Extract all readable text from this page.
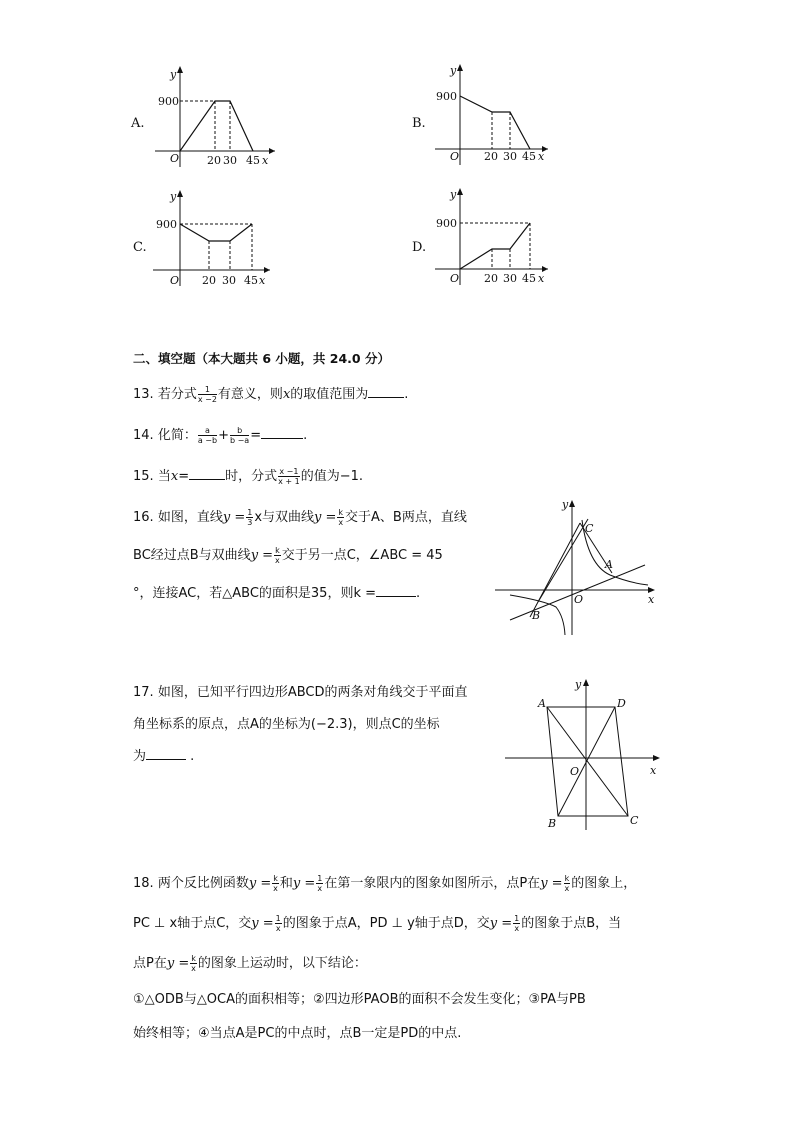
A.
y
x
O
900
20 30 45
B.
y
x
O
900
20 30 45
C.
y
x
O
900
20 30 45
D.
y
x
O
900
20 30 45
二、填空题（本大题共 6 小题，共 24.0 分）
13. 若分式 $\frac{1}{x -2}$ 有意义，则x的取值范围为	.
14. 化简： $\frac{a}{a -b} + \frac{b}{b -a}$ =	.
15. 当x=	时，分式 $\frac{x -1}{x + 1}$ 的值为−1.
16. 如图，直线$y = \frac{1}{3}$ x与双曲线$y = \frac{k}{x}$ 交于A、B两点，直线
BC经过点B与双曲线$y = \frac{k}{x}$ 交于另一点C，∠ABC = 45
°，连接AC，若△ABC的面积是35，则k =	.
y
x
O
A
B
C
17. 如图，已知平行四边形ABCD的两条对角线交于平面直
角坐标系的原点，点A的坐标为(−2.3)，则点C的坐标
为	.
y
x
O
A
B	C
D
18. 两个反比例函数$y = \frac{k}{x}$ 和$y = \frac{1}{x}$ 在第一象限内的图象如图所示，点P在$y = \frac{k}{x}$ 的图象上，
PC ⊥ x轴于点C，交$y = \frac{1}{x}$ 的图象于点A，PD ⊥ y轴于点D，交$y = \frac{1}{x}$ 的图象于点B，当
点P在$y = \frac{k}{x}$ 的图象上运动时，以下结论：
①△ODB与△OCA的面积相等；②四边形PAOB的面积不会发生变化；③PA与PB
始终相等；④当点A是PC的中点时，点B一定是PD的中点.
